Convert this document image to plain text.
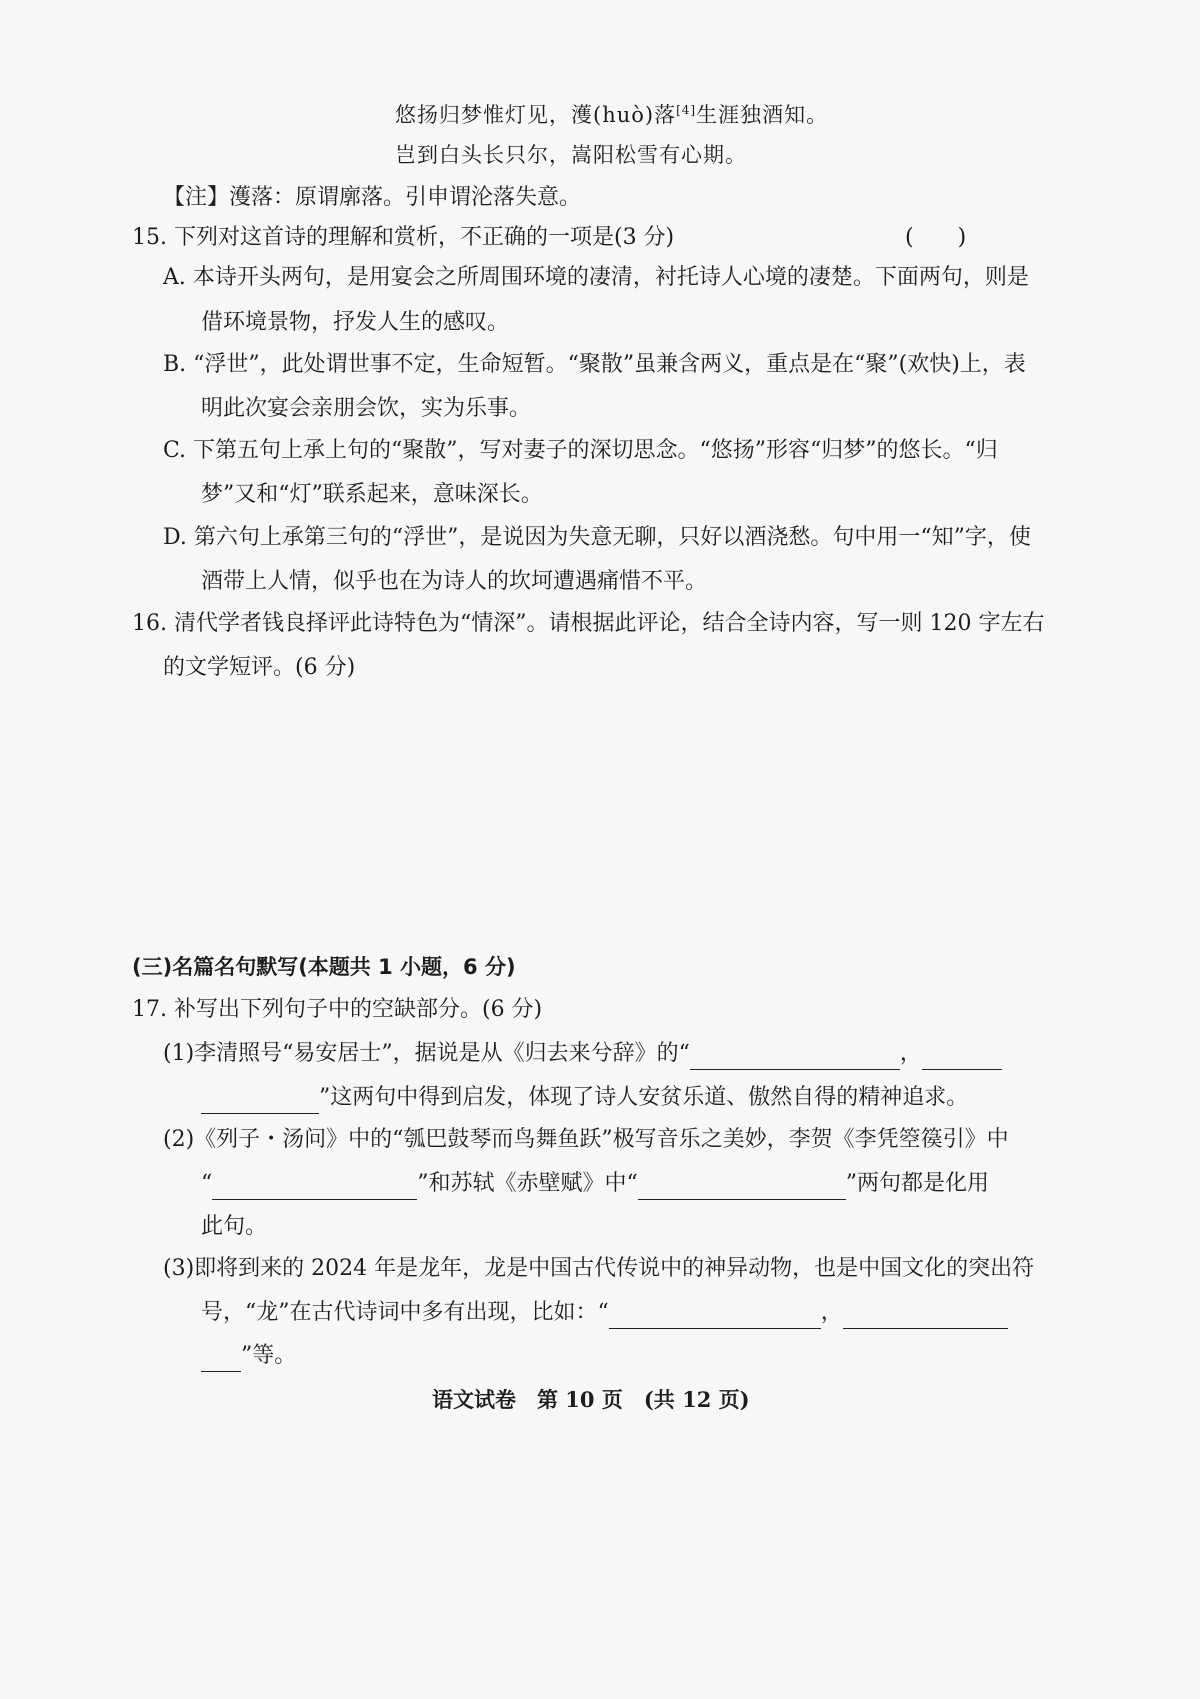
悠扬归梦惟灯见，濩(huò)落[4]生涯独酒知。
岂到白头长只尔，嵩阳松雪有心期。
【注】濩落：原谓廓落。引申谓沦落失意。
15. 下列对这首诗的理解和赏析，不正确的一项是(3 分)	(　　)
A. 本诗开头两句，是用宴会之所周围环境的凄清，衬托诗人心境的凄楚。下面两句，则是
借环境景物，抒发人生的感叹。
B. “浮世”，此处谓世事不定，生命短暂。“聚散”虽兼含两义，重点是在“聚”(欢快)上，表
明此次宴会亲朋会饮，实为乐事。
C. 下第五句上承上句的“聚散”，写对妻子的深切思念。“悠扬”形容“归梦”的悠长。“归
梦”又和“灯”联系起来，意味深长。
D. 第六句上承第三句的“浮世”，是说因为失意无聊，只好以酒浇愁。句中用一“知”字，使
酒带上人情，似乎也在为诗人的坎坷遭遇痛惜不平。
16. 清代学者钱良择评此诗特色为“情深”。请根据此评论，结合全诗内容，写一则 120 字左右
的文学短评。(6 分)
(三)名篇名句默写(本题共 1 小题，6 分)
17. 补写出下列句子中的空缺部分。(6 分)
(1)李清照号“易安居士”，据说是从《归去来兮辞》的“	，
”这两句中得到启发，体现了诗人安贫乐道、傲然自得的精神追求。
(2)《列子・汤问》中的“瓠巴鼓琴而鸟舞鱼跃”极写音乐之美妙，李贺《李凭箜篌引》中
“	”和苏轼《赤壁赋》中“	”两句都是化用
此句。
(3)即将到来的 2024 年是龙年，龙是中国古代传说中的神异动物，也是中国文化的突出符
号，“龙”在古代诗词中多有出现，比如：“	，
”等。
语文试卷　第 10 页　(共 12 页)
